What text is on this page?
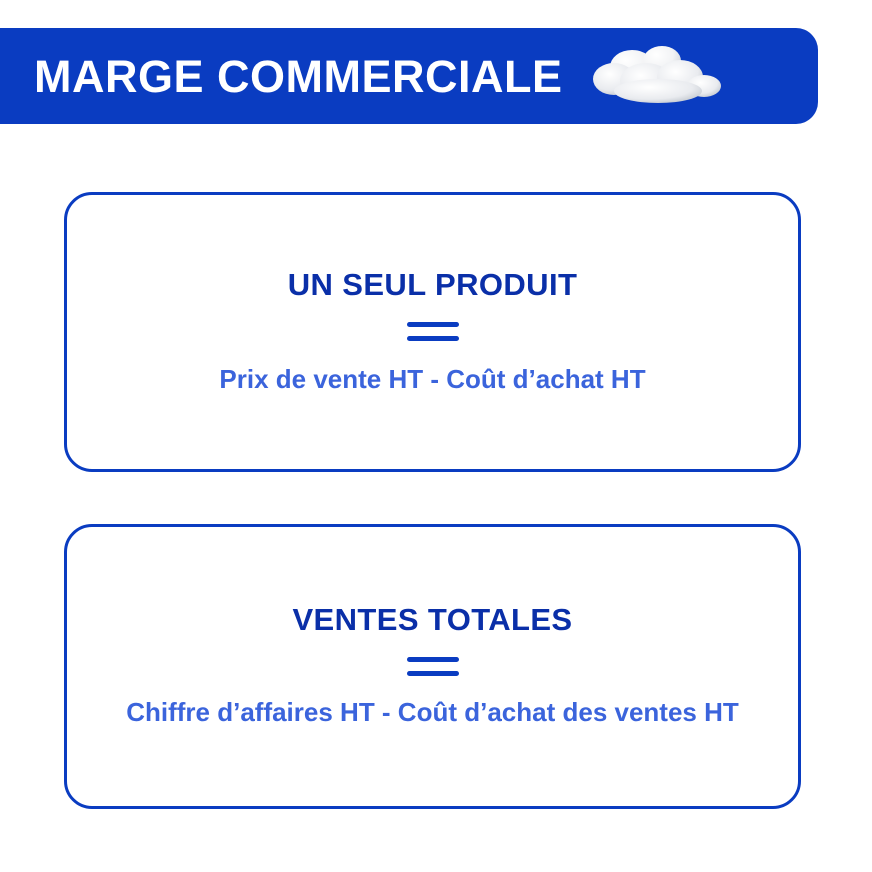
MARGE COMMERCIALE
UN SEUL PRODUIT
Prix de vente HT - Coût d’achat HT
VENTES TOTALES
Chiffre d’affaires HT - Coût d’achat des ventes HT
